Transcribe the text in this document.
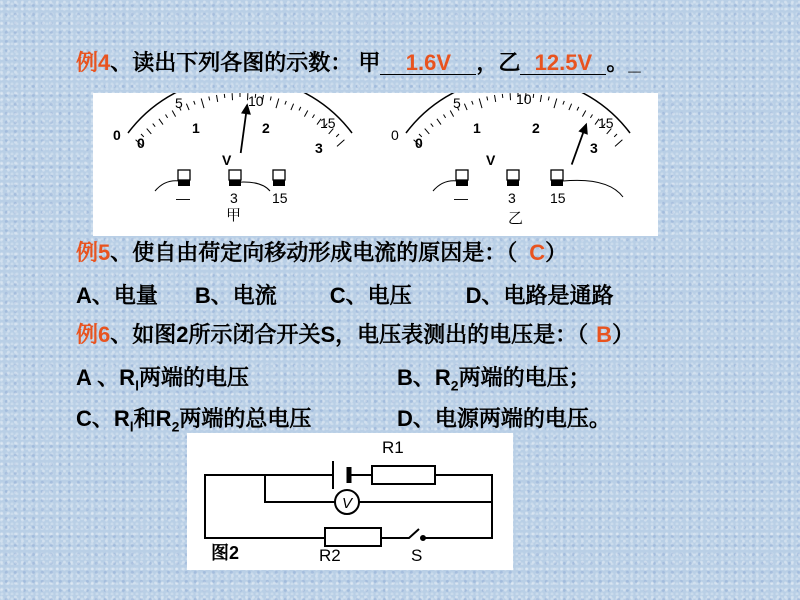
例4、读出下列各图的示数： 甲 1.6V ，乙 12.5V 。_
0
5	10
15
0
1	2
3
V
—	3 15
甲
0
5	10
15
0
1	2
3
V
—	3 15
乙
例5、使自由荷定向移动形成电流的原因是：（ C）
A、电量 B、电流 C、电压 D、电路是通路
例6、如图2所示闭合开关S，电压表测出的电压是：（ B）
A 、$R_l$两端的电压	B、$R_2$两端的电压；
C、$R_l$和$R_2$两端的总电压	D、电源两端的电压。
V
R1
R2	S
图2
